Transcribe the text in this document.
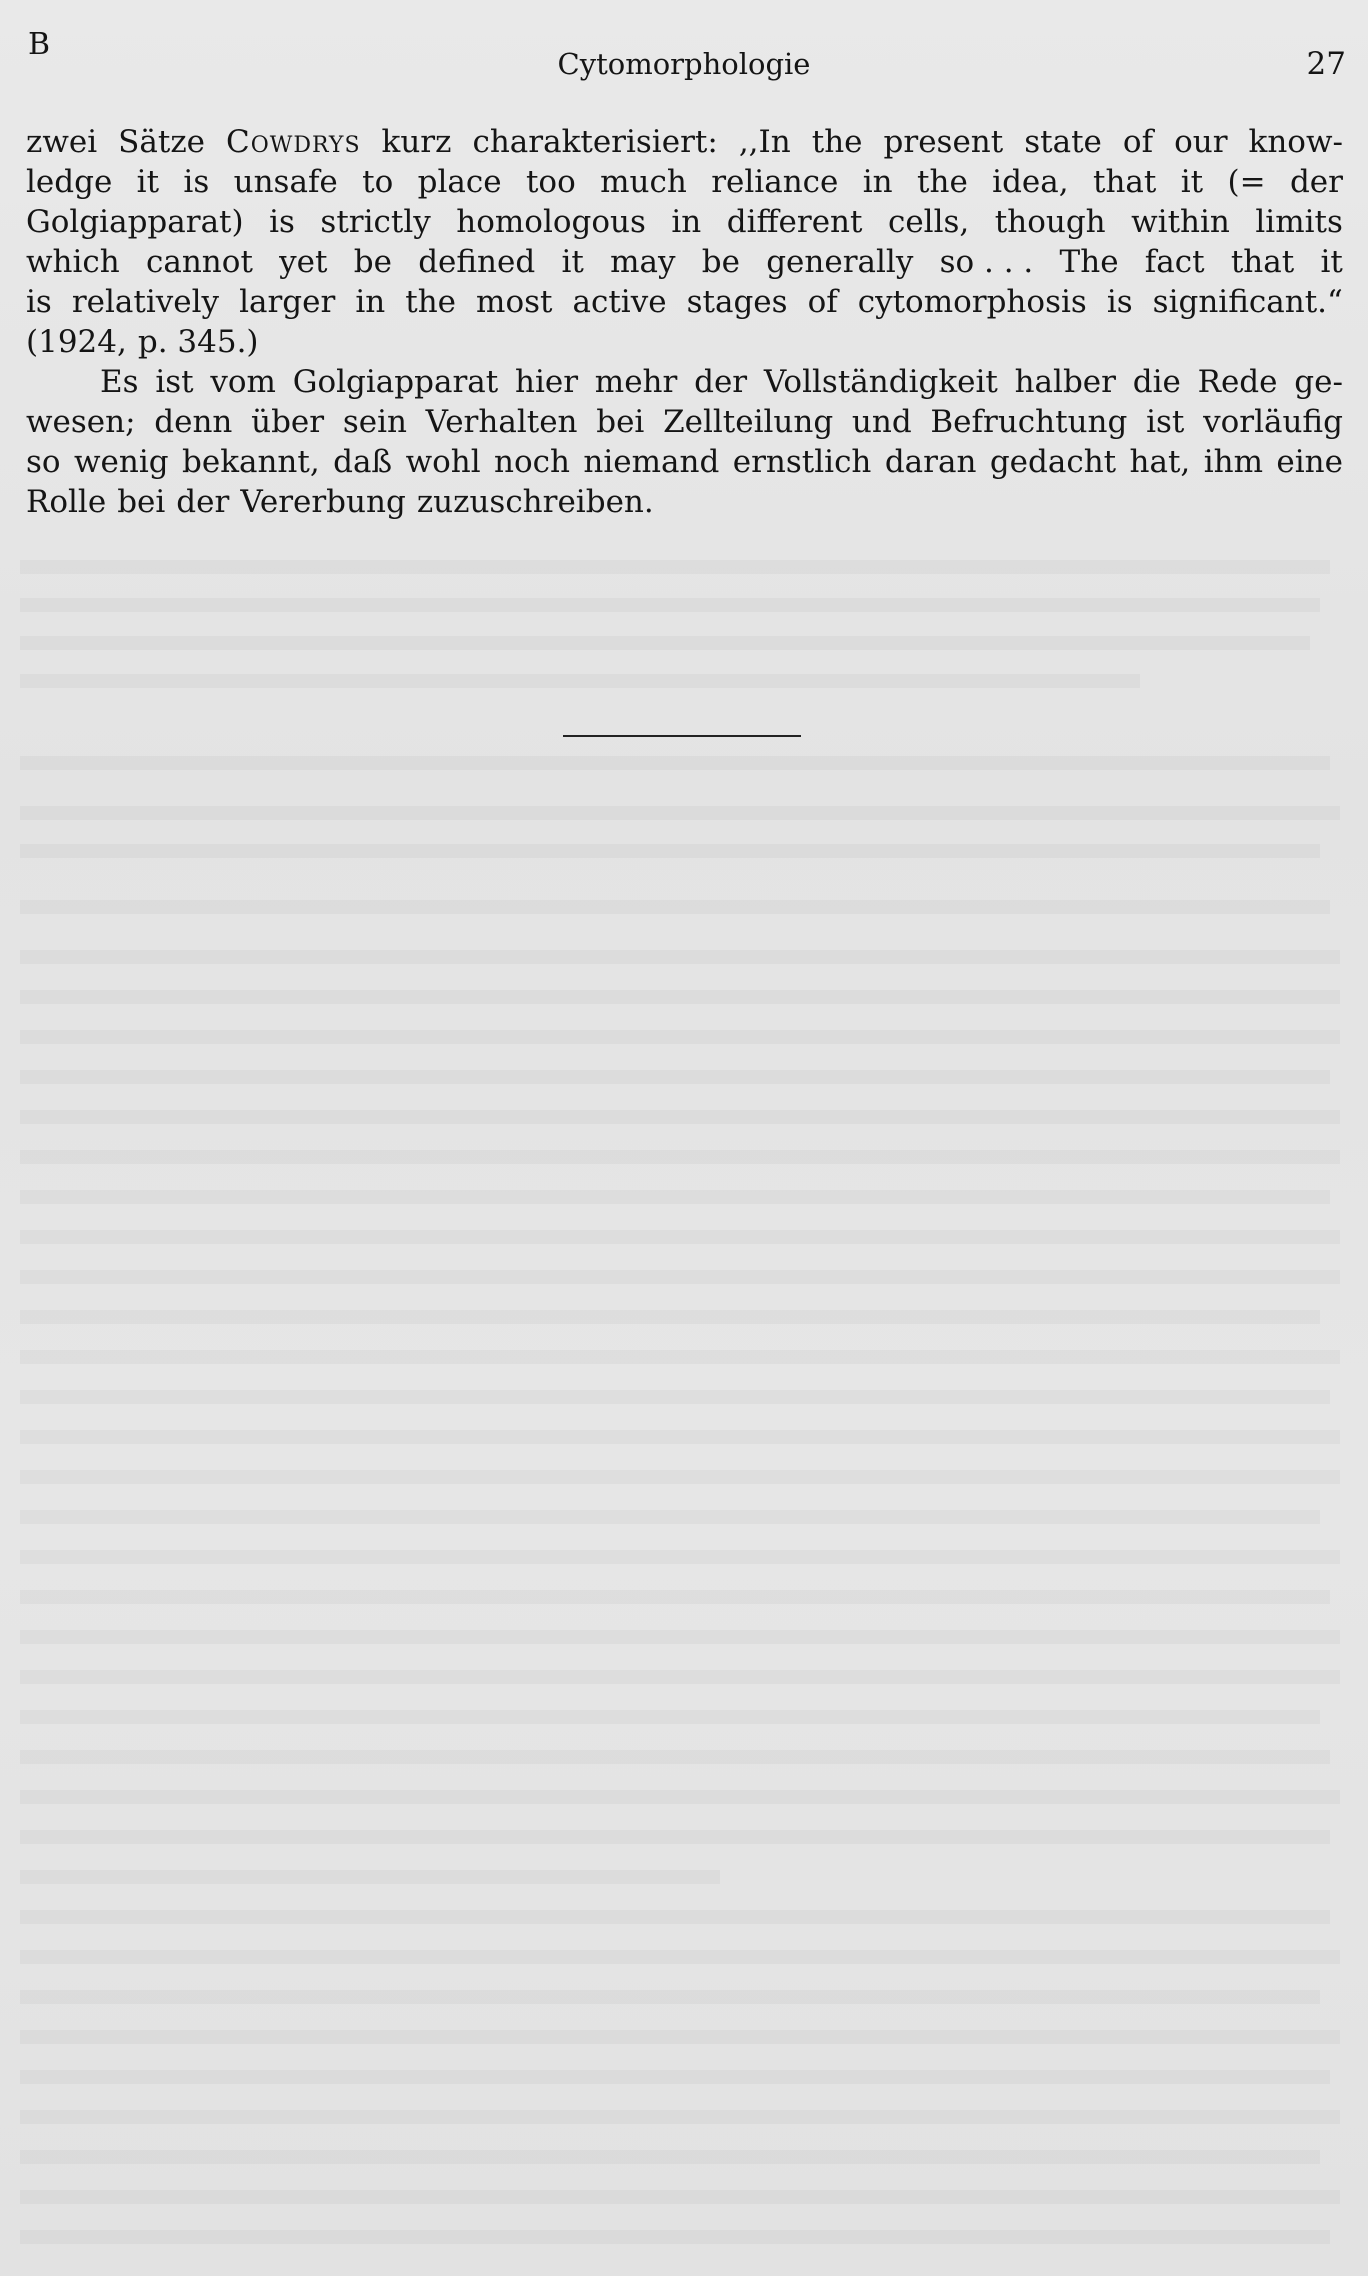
B
Cytomorphologie	27
zwei Sätze Cowdrys kurz charakterisiert: ,,In the present state of our know-
ledge it is unsafe to place too much reliance in the idea, that it (= der
Golgiapparat) is strictly homologous in different cells, though within limits
which cannot yet be defined it may be generally so . . . The fact that it
is relatively larger in the most active stages of cytomorphosis is significant.“
(1924, p. 345.)
Es ist vom Golgiapparat hier mehr der Vollständigkeit halber die Rede ge-
wesen; denn über sein Verhalten bei Zellteilung und Befruchtung ist vorläufig
so wenig bekannt, daß wohl noch niemand ernstlich daran gedacht hat, ihm eine
Rolle bei der Vererbung zuzuschreiben.
